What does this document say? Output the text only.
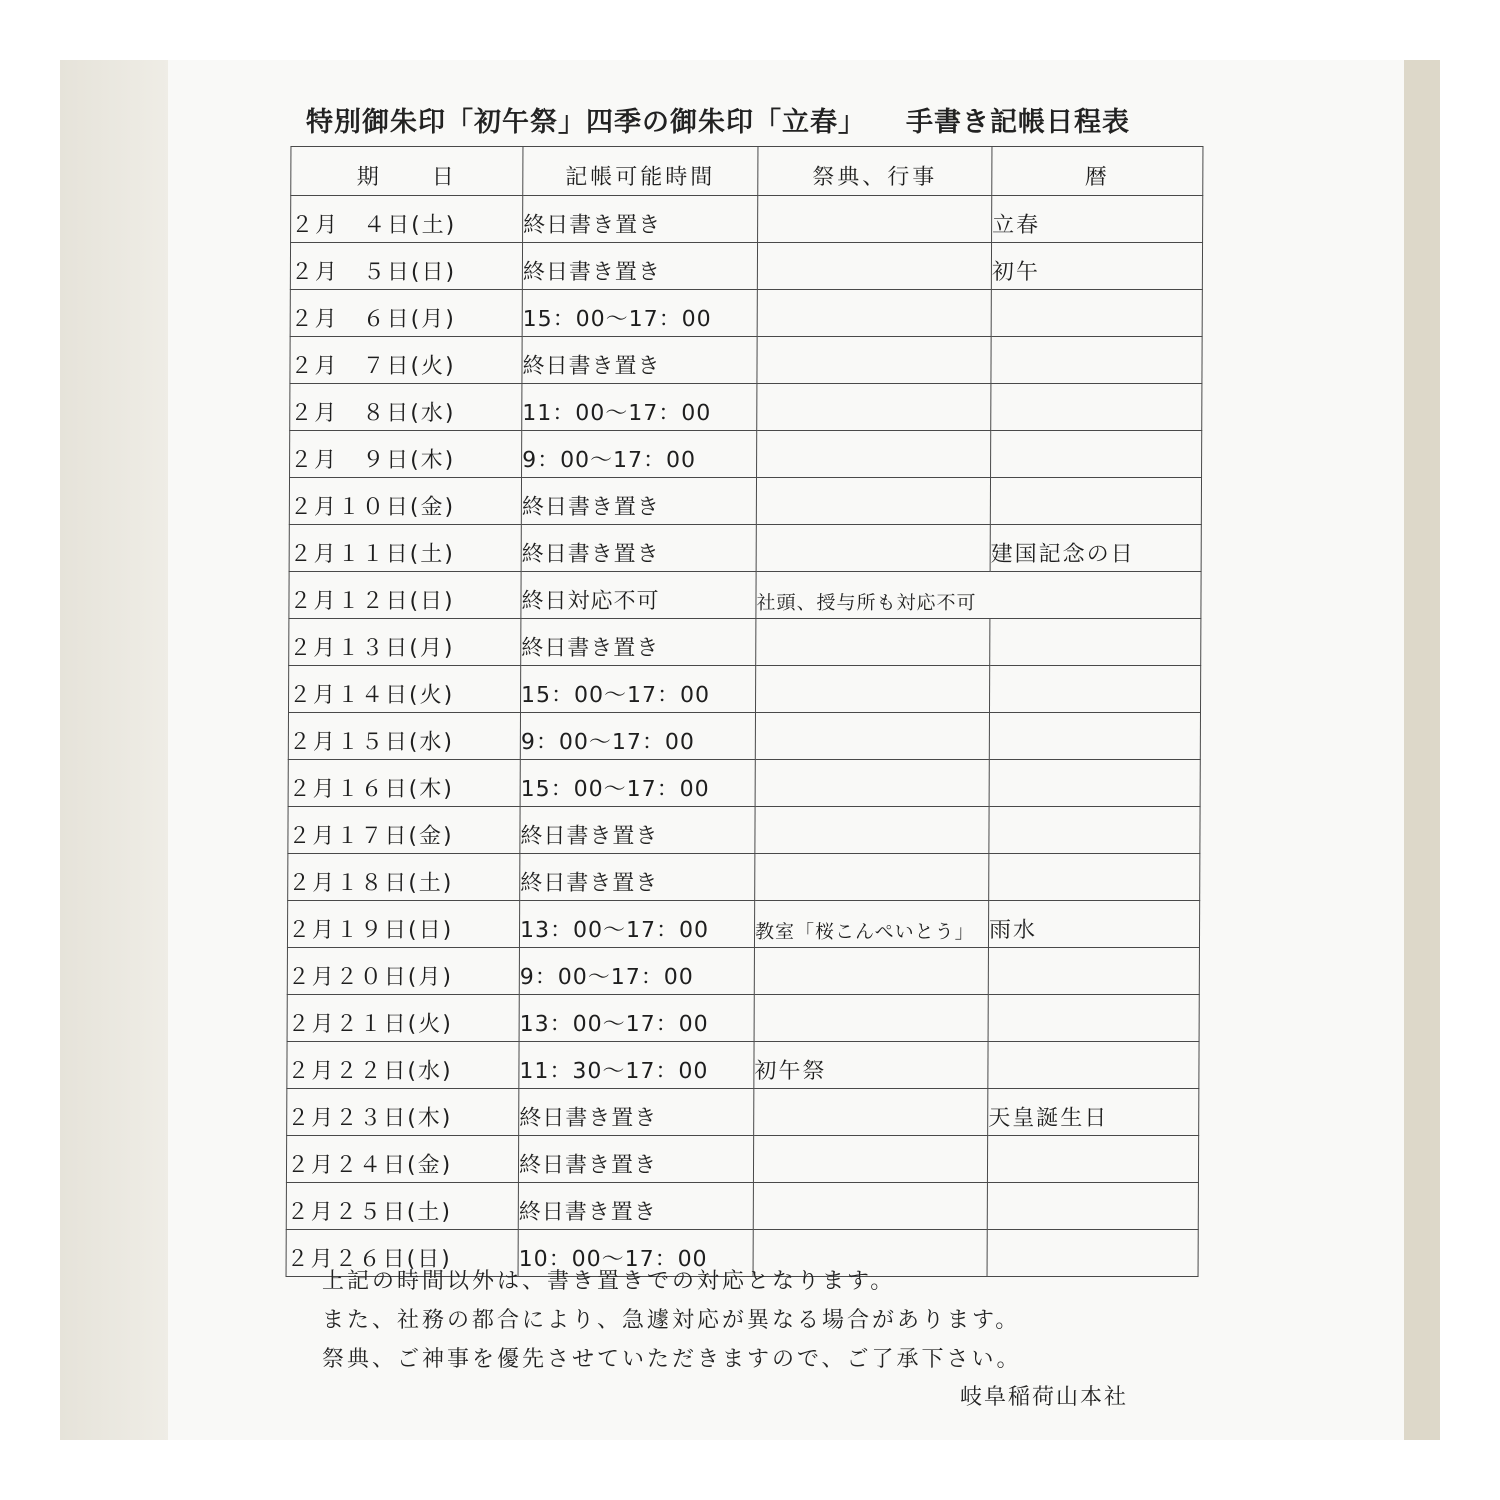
特別御朱印「初午祭」四季の御朱印「立春」 手書き記帳日程表
期　　日	記帳可能時間	祭典、行事	暦
２月　４日(土)	終日書き置き		立春
２月　５日(日)	終日書き置き		初午
２月　６日(月)	15：00〜17：00		
２月　７日(火)	終日書き置き		
２月　８日(水)	11：00〜17：00		
２月　９日(木)	9：00〜17：00		
２月１０日(金)	終日書き置き		
２月１１日(土)	終日書き置き		建国記念の日
２月１２日(日)	終日対応不可	社頭、授与所も対応不可	
２月１３日(月)	終日書き置き		
２月１４日(火)	15：00〜17：00		
２月１５日(水)	9：00〜17：00		
２月１６日(木)	15：00〜17：00		
２月１７日(金)	終日書き置き		
２月１８日(土)	終日書き置き		
２月１９日(日)	13：00〜17：00	教室「桜こんぺいとう」	雨水
２月２０日(月)	9：00〜17：00		
２月２１日(火)	13：00〜17：00		
２月２２日(水)	11：30〜17：00	初午祭	
２月２３日(木)	終日書き置き		天皇誕生日
２月２４日(金)	終日書き置き		
２月２５日(土)	終日書き置き		
２月２６日(日)	10：00〜17：00		

上記の時間以外は、書き置きでの対応となります。

また、社務の都合により、急遽対応が異なる場合があります。

祭典、ご神事を優先させていただきますので、ご了承下さい。

岐阜稲荷山本社
